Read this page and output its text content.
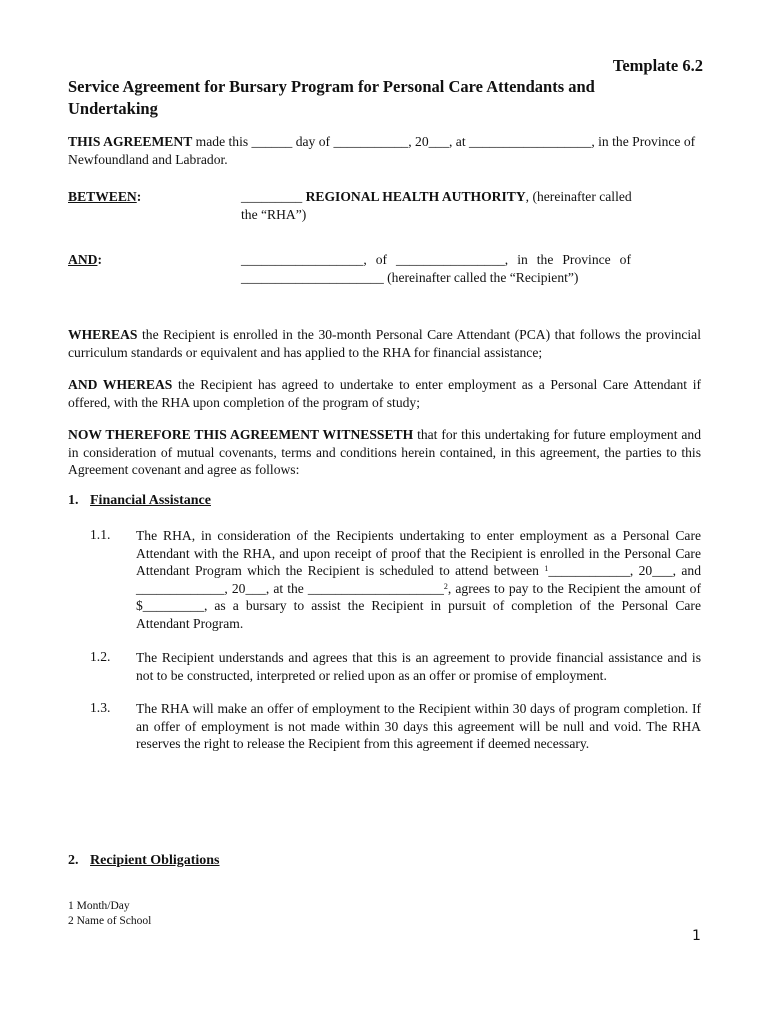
Template 6.2
Service Agreement for Bursary Program for Personal Care Attendants and Undertaking
THIS AGREEMENT made this ______ day of ___________, 20___, at __________________, in the Province of Newfoundland and Labrador.
BETWEEN:	_________ REGIONAL HEALTH AUTHORITY, (hereinafter called the “RHA”)
AND:	__________________, of ________________, in the Province of _____________________ (hereinafter called the “Recipient”)
WHEREAS the Recipient is enrolled in the 30-month Personal Care Attendant (PCA) that follows the provincial curriculum standards or equivalent and has applied to the RHA for financial assistance;
AND WHEREAS the Recipient has agreed to undertake to enter employment as a Personal Care Attendant if offered, with the RHA upon completion of the program of study;
NOW THEREFORE THIS AGREEMENT WITNESSETH that for this undertaking for future employment and in consideration of mutual covenants, terms and conditions herein contained, in this agreement, the parties to this Agreement covenant and agree as follows:
1. Financial Assistance
1.1. The RHA, in consideration of the Recipients undertaking to enter employment as a Personal Care Attendant with the RHA, and upon receipt of proof that the Recipient is enrolled in the Personal Care Attendant Program which the Recipient is scheduled to attend between $^1$____________, 20___, and _____________, 20___, at the ____________________$^2$, agrees to pay to the Recipient the amount of $_________, as a bursary to assist the Recipient in pursuit of completion of the Personal Care Attendant Program.
1.2. The Recipient understands and agrees that this is an agreement to provide financial assistance and is not to be constructed, interpreted or relied upon as an offer or promise of employment.
1.3. The RHA will make an offer of employment to the Recipient within 30 days of program completion. If an offer of employment is not made within 30 days this agreement will be null and void. The RHA reserves the right to release the Recipient from this agreement if deemed necessary.
2. Recipient Obligations
1 Month/Day
2 Name of School
1
